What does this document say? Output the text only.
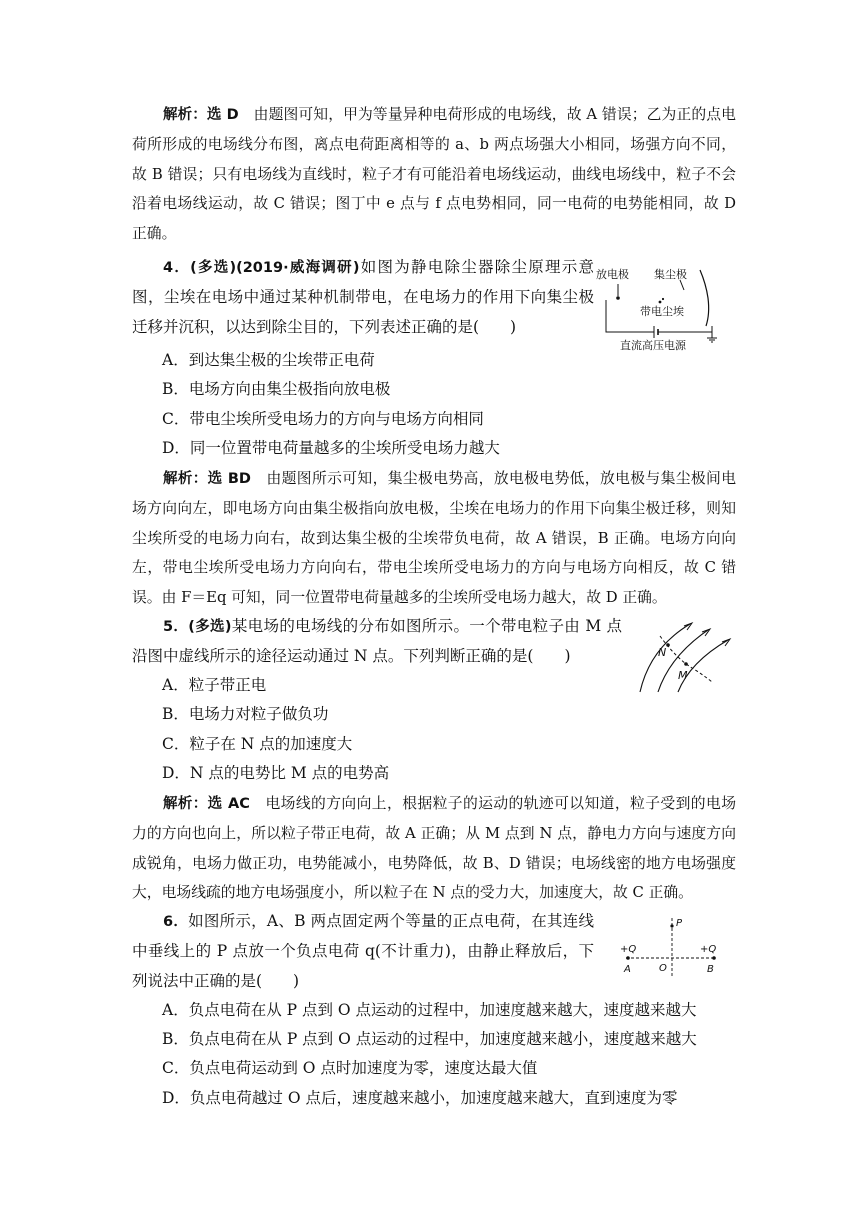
解析：选 D　由题图可知，甲为等量异种电荷形成的电场线，故 A 错误；乙为正的点电荷所形成的电场线分布图，离点电荷距离相等的 a、b 两点场强大小相同，场强方向不同，故 B 错误；只有电场线为直线时，粒子才有可能沿着电场线运动，曲线电场线中，粒子不会沿着电场线运动，故 C 错误；图丁中 e 点与 f 点电势相同，同一电荷的电势能相同，故 D 正确。

4．(多选)(2019·威海调研)如图为静电除尘器除尘原理示意图，尘埃在电场中通过某种机制带电，在电场力的作用下向集尘极迁移并沉积，以达到除尘目的，下列表述正确的是(　　)

放电极 集尘极
带电尘埃
直流高压电源
A．到达集尘极的尘埃带正电荷
B．电场方向由集尘极指向放电极
C．带电尘埃所受电场力的方向与电场方向相同
D．同一位置带电荷量越多的尘埃所受电场力越大

解析：选 BD　由题图所示可知，集尘极电势高，放电极电势低，放电极与集尘极间电场方向向左，即电场方向由集尘极指向放电极，尘埃在电场力的作用下向集尘极迁移，则知尘埃所受的电场力向右，故到达集尘极的尘埃带负电荷，故 A 错误，B 正确。电场方向向左，带电尘埃所受电场力方向向右，带电尘埃所受电场力的方向与电场方向相反，故 C 错误。由 F＝Eq 可知，同一位置带电荷量越多的尘埃所受电场力越大，故 D 正确。

5．(多选)某电场的电场线的分布如图所示。一个带电粒子由 M 点沿图中虚线所示的途径运动通过 N 点。下列判断正确的是(　　)	N
M
A．粒子带正电
B．电场力对粒子做负功
C．粒子在 N 点的加速度大
D．N 点的电势比 M 点的电势高

解析：选 AC　电场线的方向向上，根据粒子的运动的轨迹可以知道，粒子受到的电场力的方向也向上，所以粒子带正电荷，故 A 正确；从 M 点到 N 点，静电力方向与速度方向成锐角，电场力做正功，电势能减小，电势降低，故 B、D 错误；电场线密的地方电场强度大，电场线疏的地方电场强度小，所以粒子在 N 点的受力大，加速度大，故 C 正确。

6．如图所示，A、B 两点固定两个等量的正点电荷，在其连线中垂线上的 P 点放一个负点电荷 q(不计重力)，由静止释放后，下列说法中正确的是(　　)

P
+Q	+Q
A	O	B
A．负点电荷在从 P 点到 O 点运动的过程中，加速度越来越大，速度越来越大
B．负点电荷在从 P 点到 O 点运动的过程中，加速度越来越小，速度越来越大
C．负点电荷运动到 O 点时加速度为零，速度达最大值
D．负点电荷越过 O 点后，速度越来越小，加速度越来越大，直到速度为零
